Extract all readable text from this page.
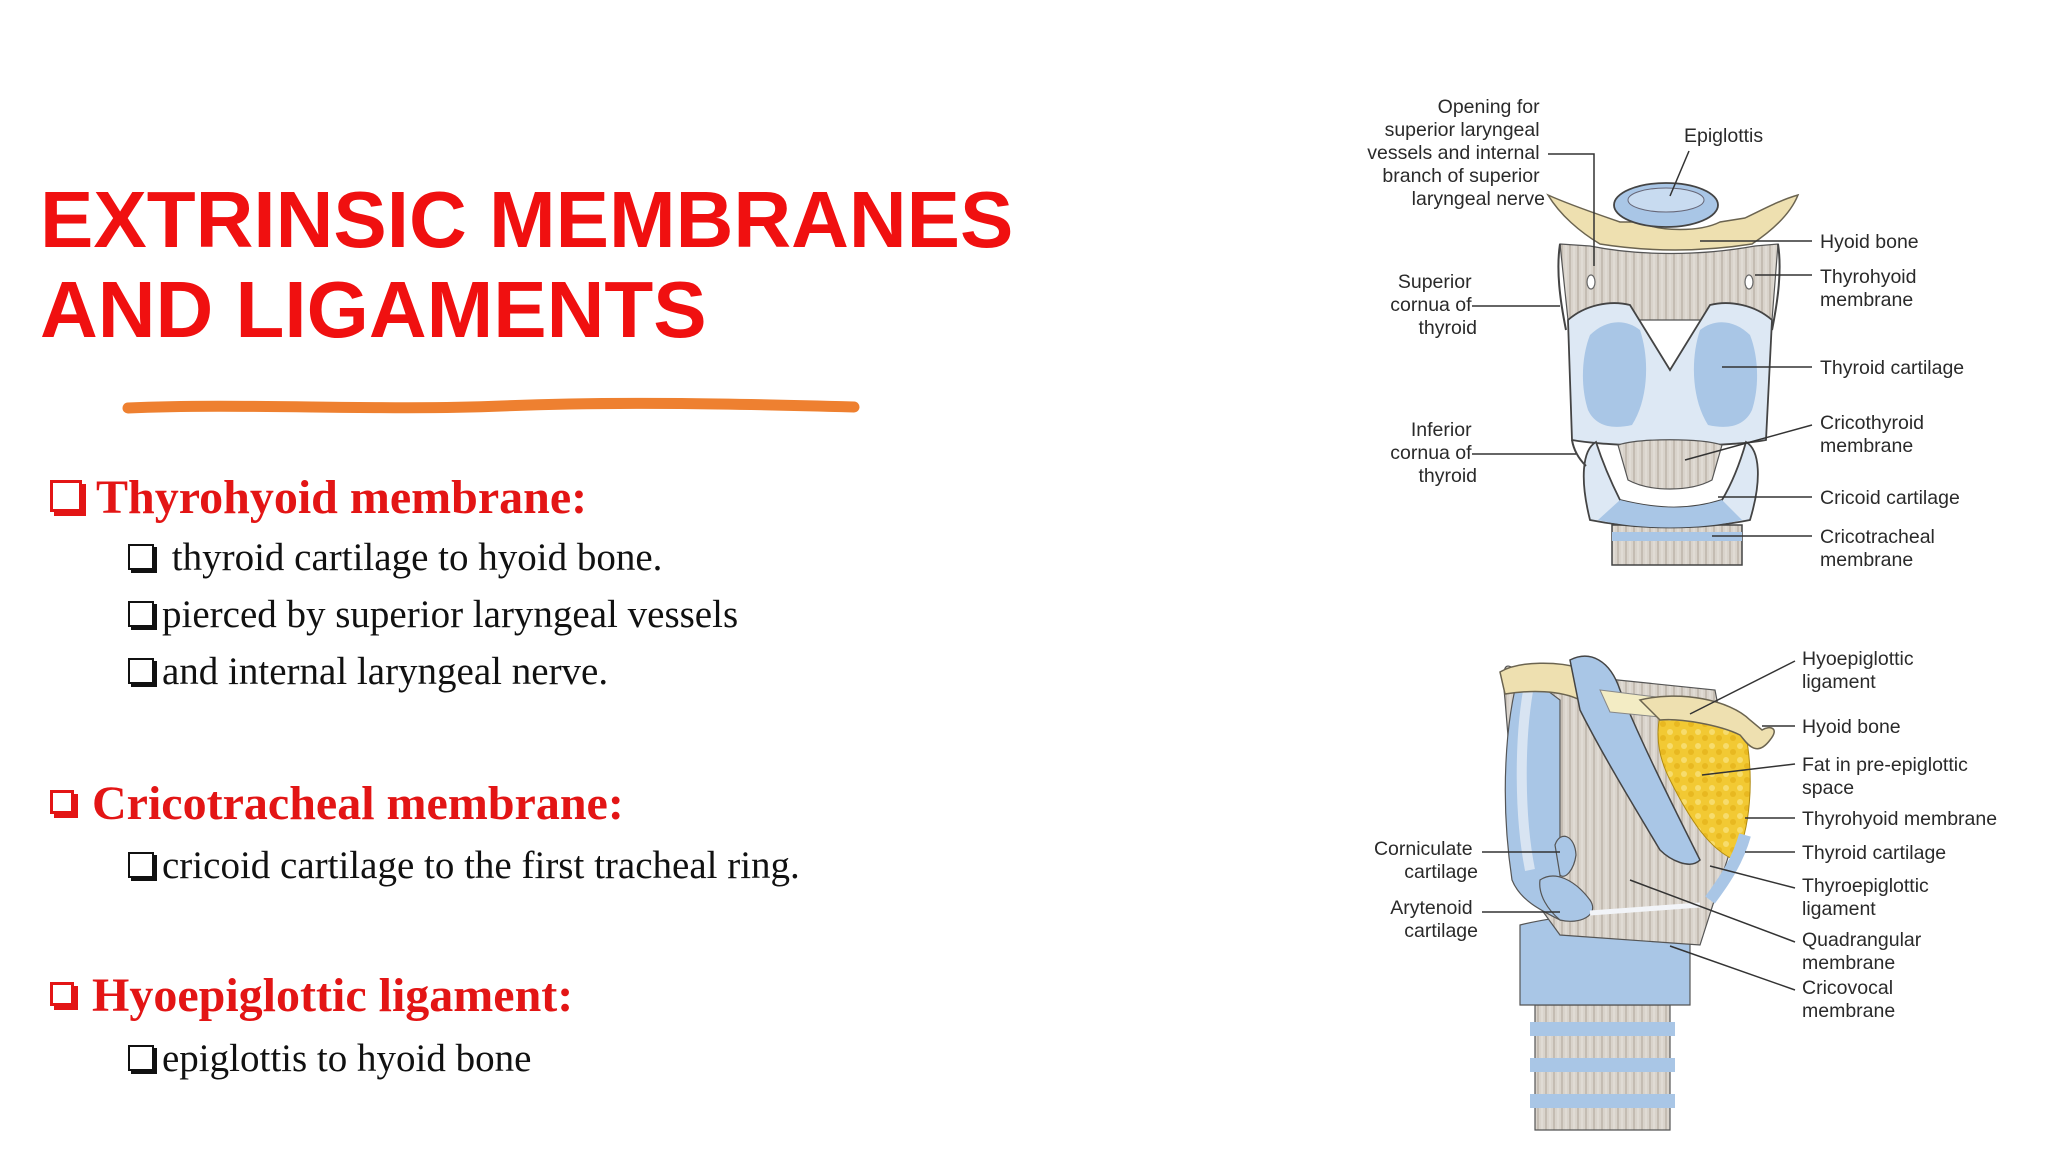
EXTRINSIC MEMBRANES
AND LIGAMENTS
Thyrohyoid membrane:
thyroid cartilage to hyoid bone.
pierced by superior laryngeal vessels
and internal laryngeal nerve.
Cricotracheal membrane:
cricoid cartilage to the first tracheal ring.
Hyoepiglottic ligament:
epiglottis to hyoid bone
Opening for superior laryngeal vessels and internal branch of superior laryngeal nerve
Epiglottis
Superior cornua of thyroid
Inferior cornua of thyroid
Hyoid bone
Thyrohyoid membrane
Thyroid cartilage
Cricothyroid membrane
Cricoid cartilage
Cricotracheal membrane
Hyoepiglottic ligament
Hyoid bone
Fat in pre-epiglottic space
Thyrohyoid membrane
Thyroid cartilage
Thyroepiglottic ligament
Quadrangular membrane
Cricovocal membrane
Corniculate cartilage
Arytenoid cartilage
